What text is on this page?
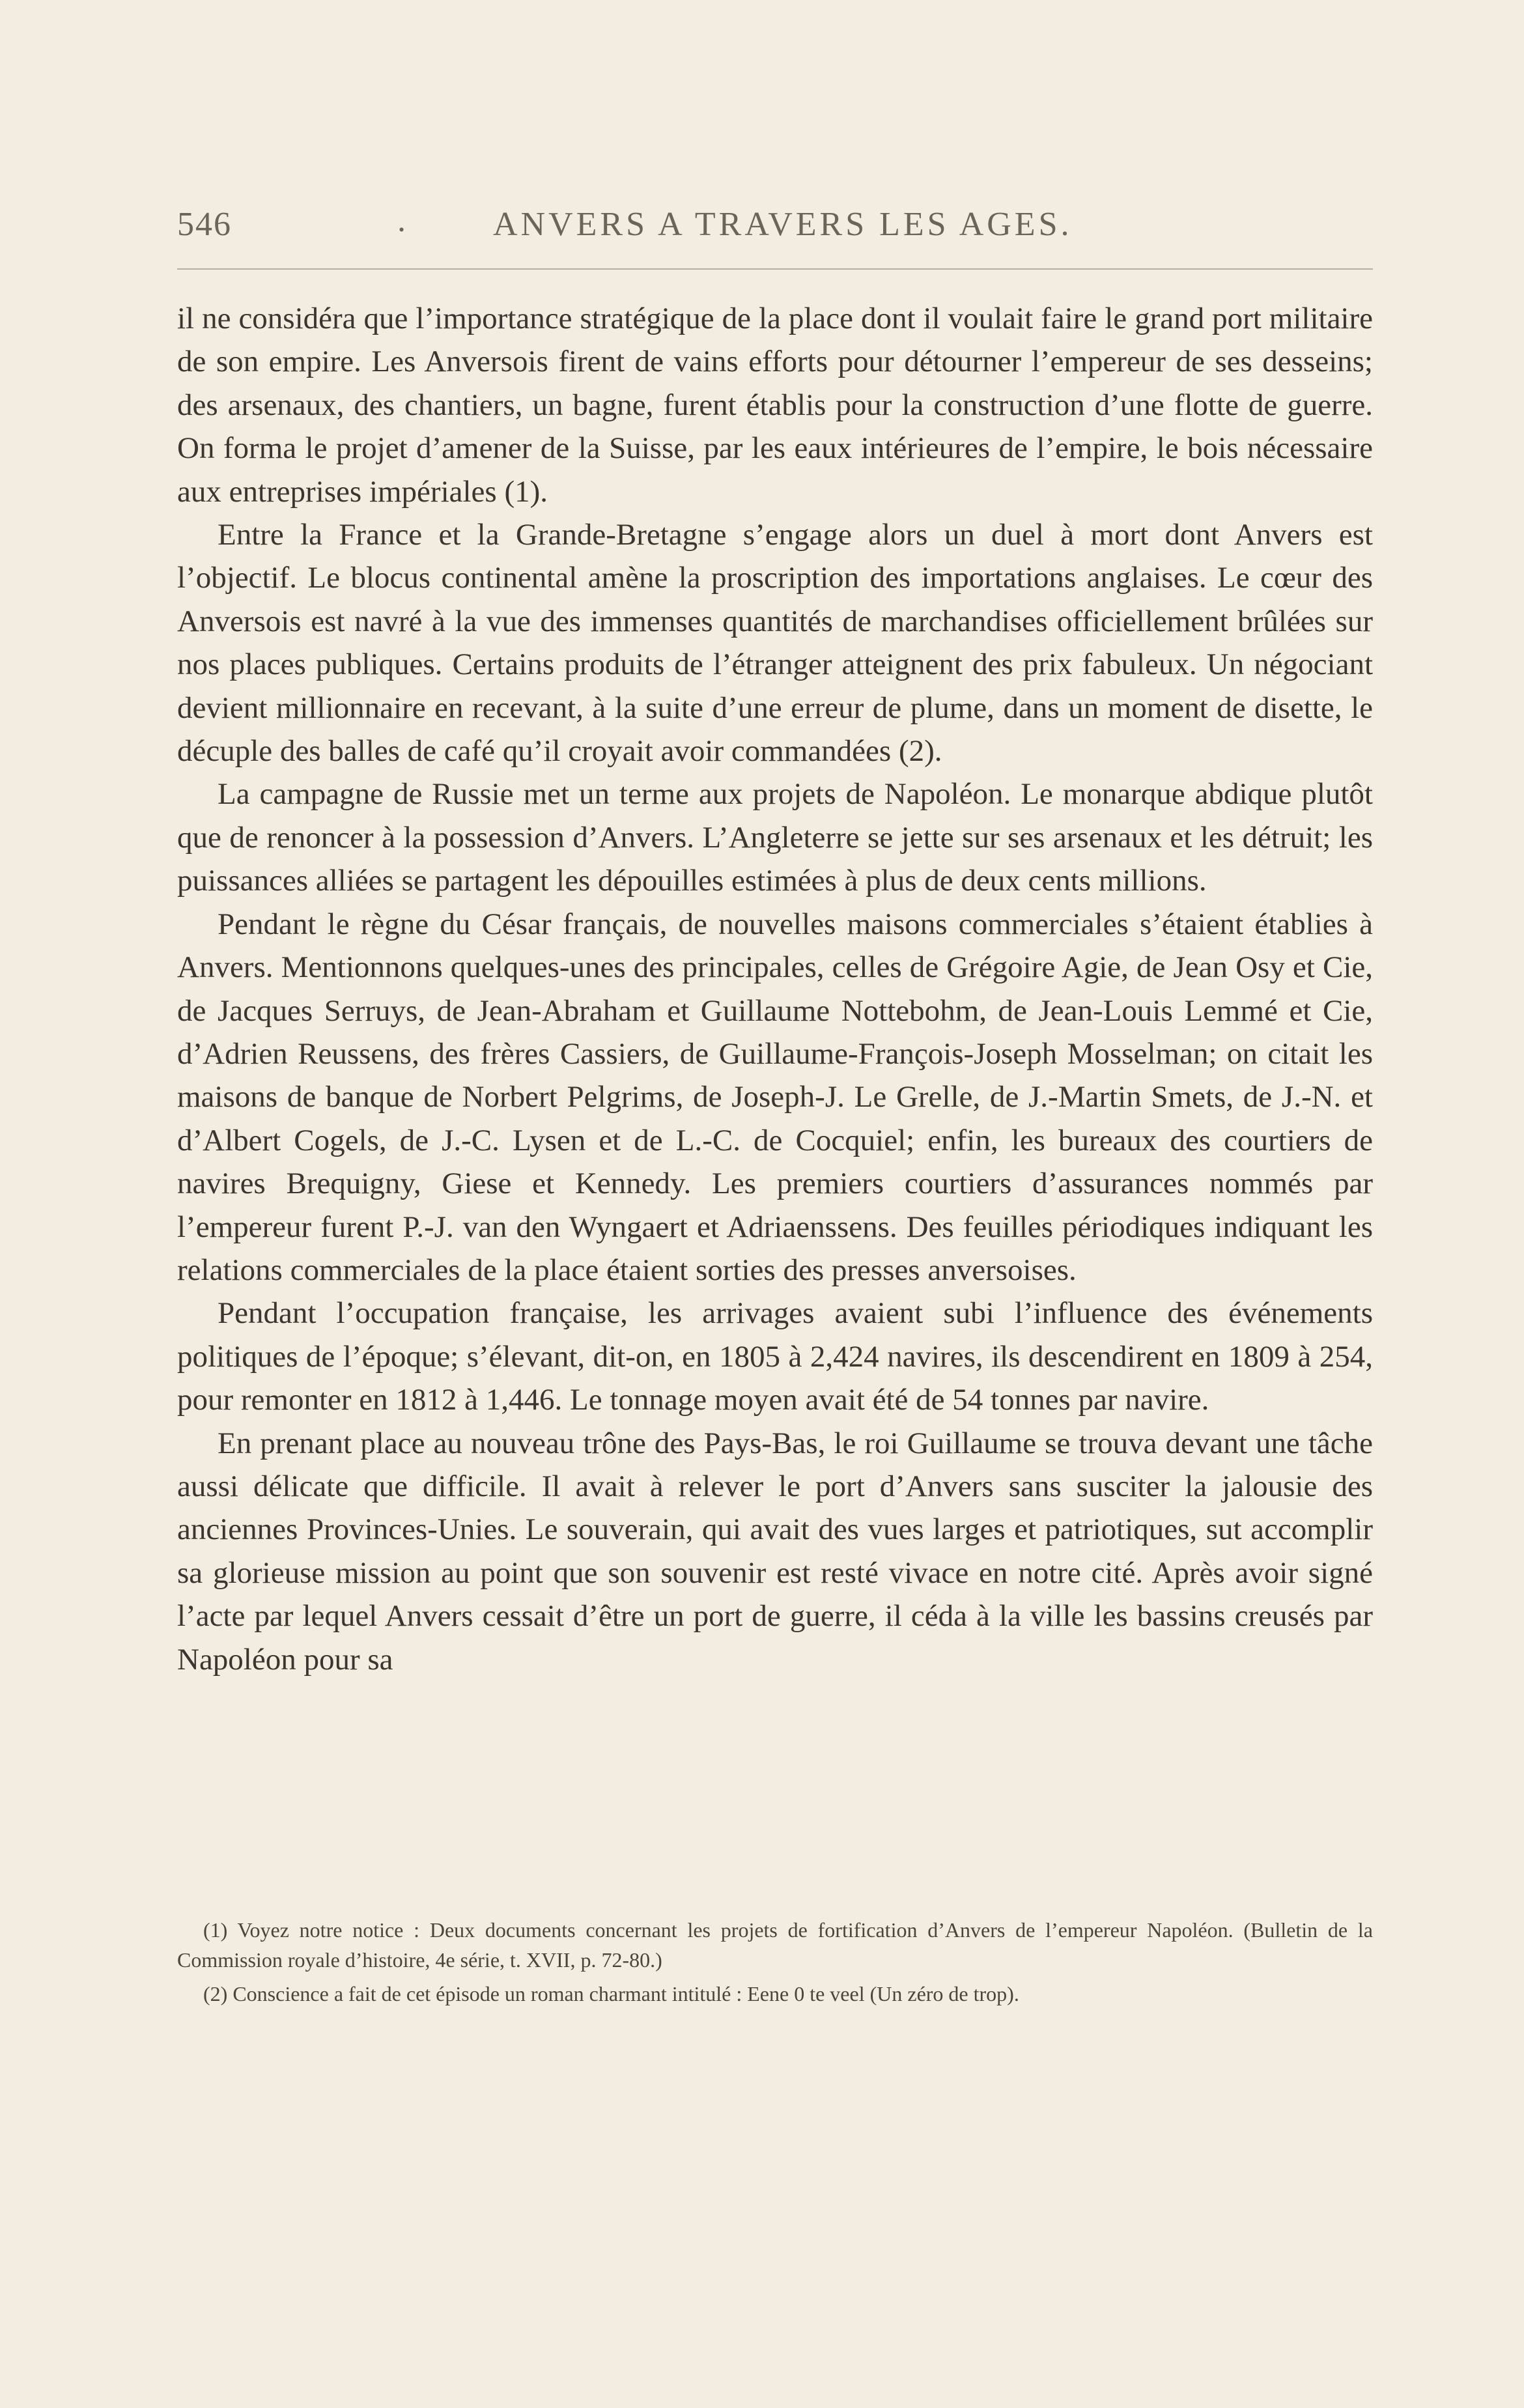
546	.	ANVERS A TRAVERS LES AGES.

il ne considéra que l’importance stratégique de la place dont il voulait faire le grand port militaire de son empire. Les Anversois firent de vains efforts pour détourner l’empereur de ses desseins; des arsenaux, des chantiers, un bagne, furent établis pour la construction d’une flotte de guerre. On forma le projet d’amener de la Suisse, par les eaux intérieures de l’empire, le bois nécessaire aux entreprises impériales (1).

Entre la France et la Grande-Bretagne s’engage alors un duel à mort dont Anvers est l’objectif. Le blocus continental amène la proscription des importations anglaises. Le cœur des Anversois est navré à la vue des immenses quantités de marchandises officiellement brûlées sur nos places publiques. Certains produits de l’étranger atteignent des prix fabuleux. Un négociant devient millionnaire en recevant, à la suite d’une erreur de plume, dans un moment de disette, le décuple des balles de café qu’il croyait avoir commandées (2).

La campagne de Russie met un terme aux projets de Napoléon. Le monarque abdique plutôt que de renoncer à la possession d’Anvers. L’Angleterre se jette sur ses arsenaux et les détruit; les puissances alliées se partagent les dépouilles estimées à plus de deux cents millions.

Pendant le règne du César français, de nouvelles maisons commerciales s’étaient établies à Anvers. Mentionnons quelques-unes des principales, celles de Grégoire Agie, de Jean Osy et Cie, de Jacques Serruys, de Jean-Abraham et Guillaume Nottebohm, de Jean-Louis Lemmé et Cie, d’Adrien Reussens, des frères Cassiers, de Guillaume-François-Joseph Mosselman; on citait les maisons de banque de Norbert Pelgrims, de Joseph-J. Le Grelle, de J.-Martin Smets, de J.-N. et d’Albert Cogels, de J.-C. Lysen et de L.-C. de Cocquiel; enfin, les bureaux des courtiers de navires Brequigny, Giese et Kennedy. Les premiers courtiers d’assurances nommés par l’empereur furent P.-J. van den Wyngaert et Adriaenssens. Des feuilles périodiques indiquant les relations commerciales de la place étaient sorties des presses anversoises.

Pendant l’occupation française, les arrivages avaient subi l’influence des événements politiques de l’époque; s’élevant, dit-on, en 1805 à 2,424 navires, ils descendirent en 1809 à 254, pour remonter en 1812 à 1,446. Le tonnage moyen avait été de 54 tonnes par navire.

En prenant place au nouveau trône des Pays-Bas, le roi Guillaume se trouva devant une tâche aussi délicate que difficile. Il avait à relever le port d’Anvers sans susciter la jalousie des anciennes Provinces-Unies. Le souverain, qui avait des vues larges et patriotiques, sut accomplir sa glorieuse mission au point que son souvenir est resté vivace en notre cité. Après avoir signé l’acte par lequel Anvers cessait d’être un port de guerre, il céda à la ville les bassins creusés par Napoléon pour sa

(1) Voyez notre notice : Deux documents concernant les projets de fortification d’Anvers de l’empereur Napoléon. (Bulletin de la Commission royale d’histoire, 4e série, t. XVII, p. 72-80.)

(2) Conscience a fait de cet épisode un roman charmant intitulé : Eene 0 te veel (Un zéro de trop).
